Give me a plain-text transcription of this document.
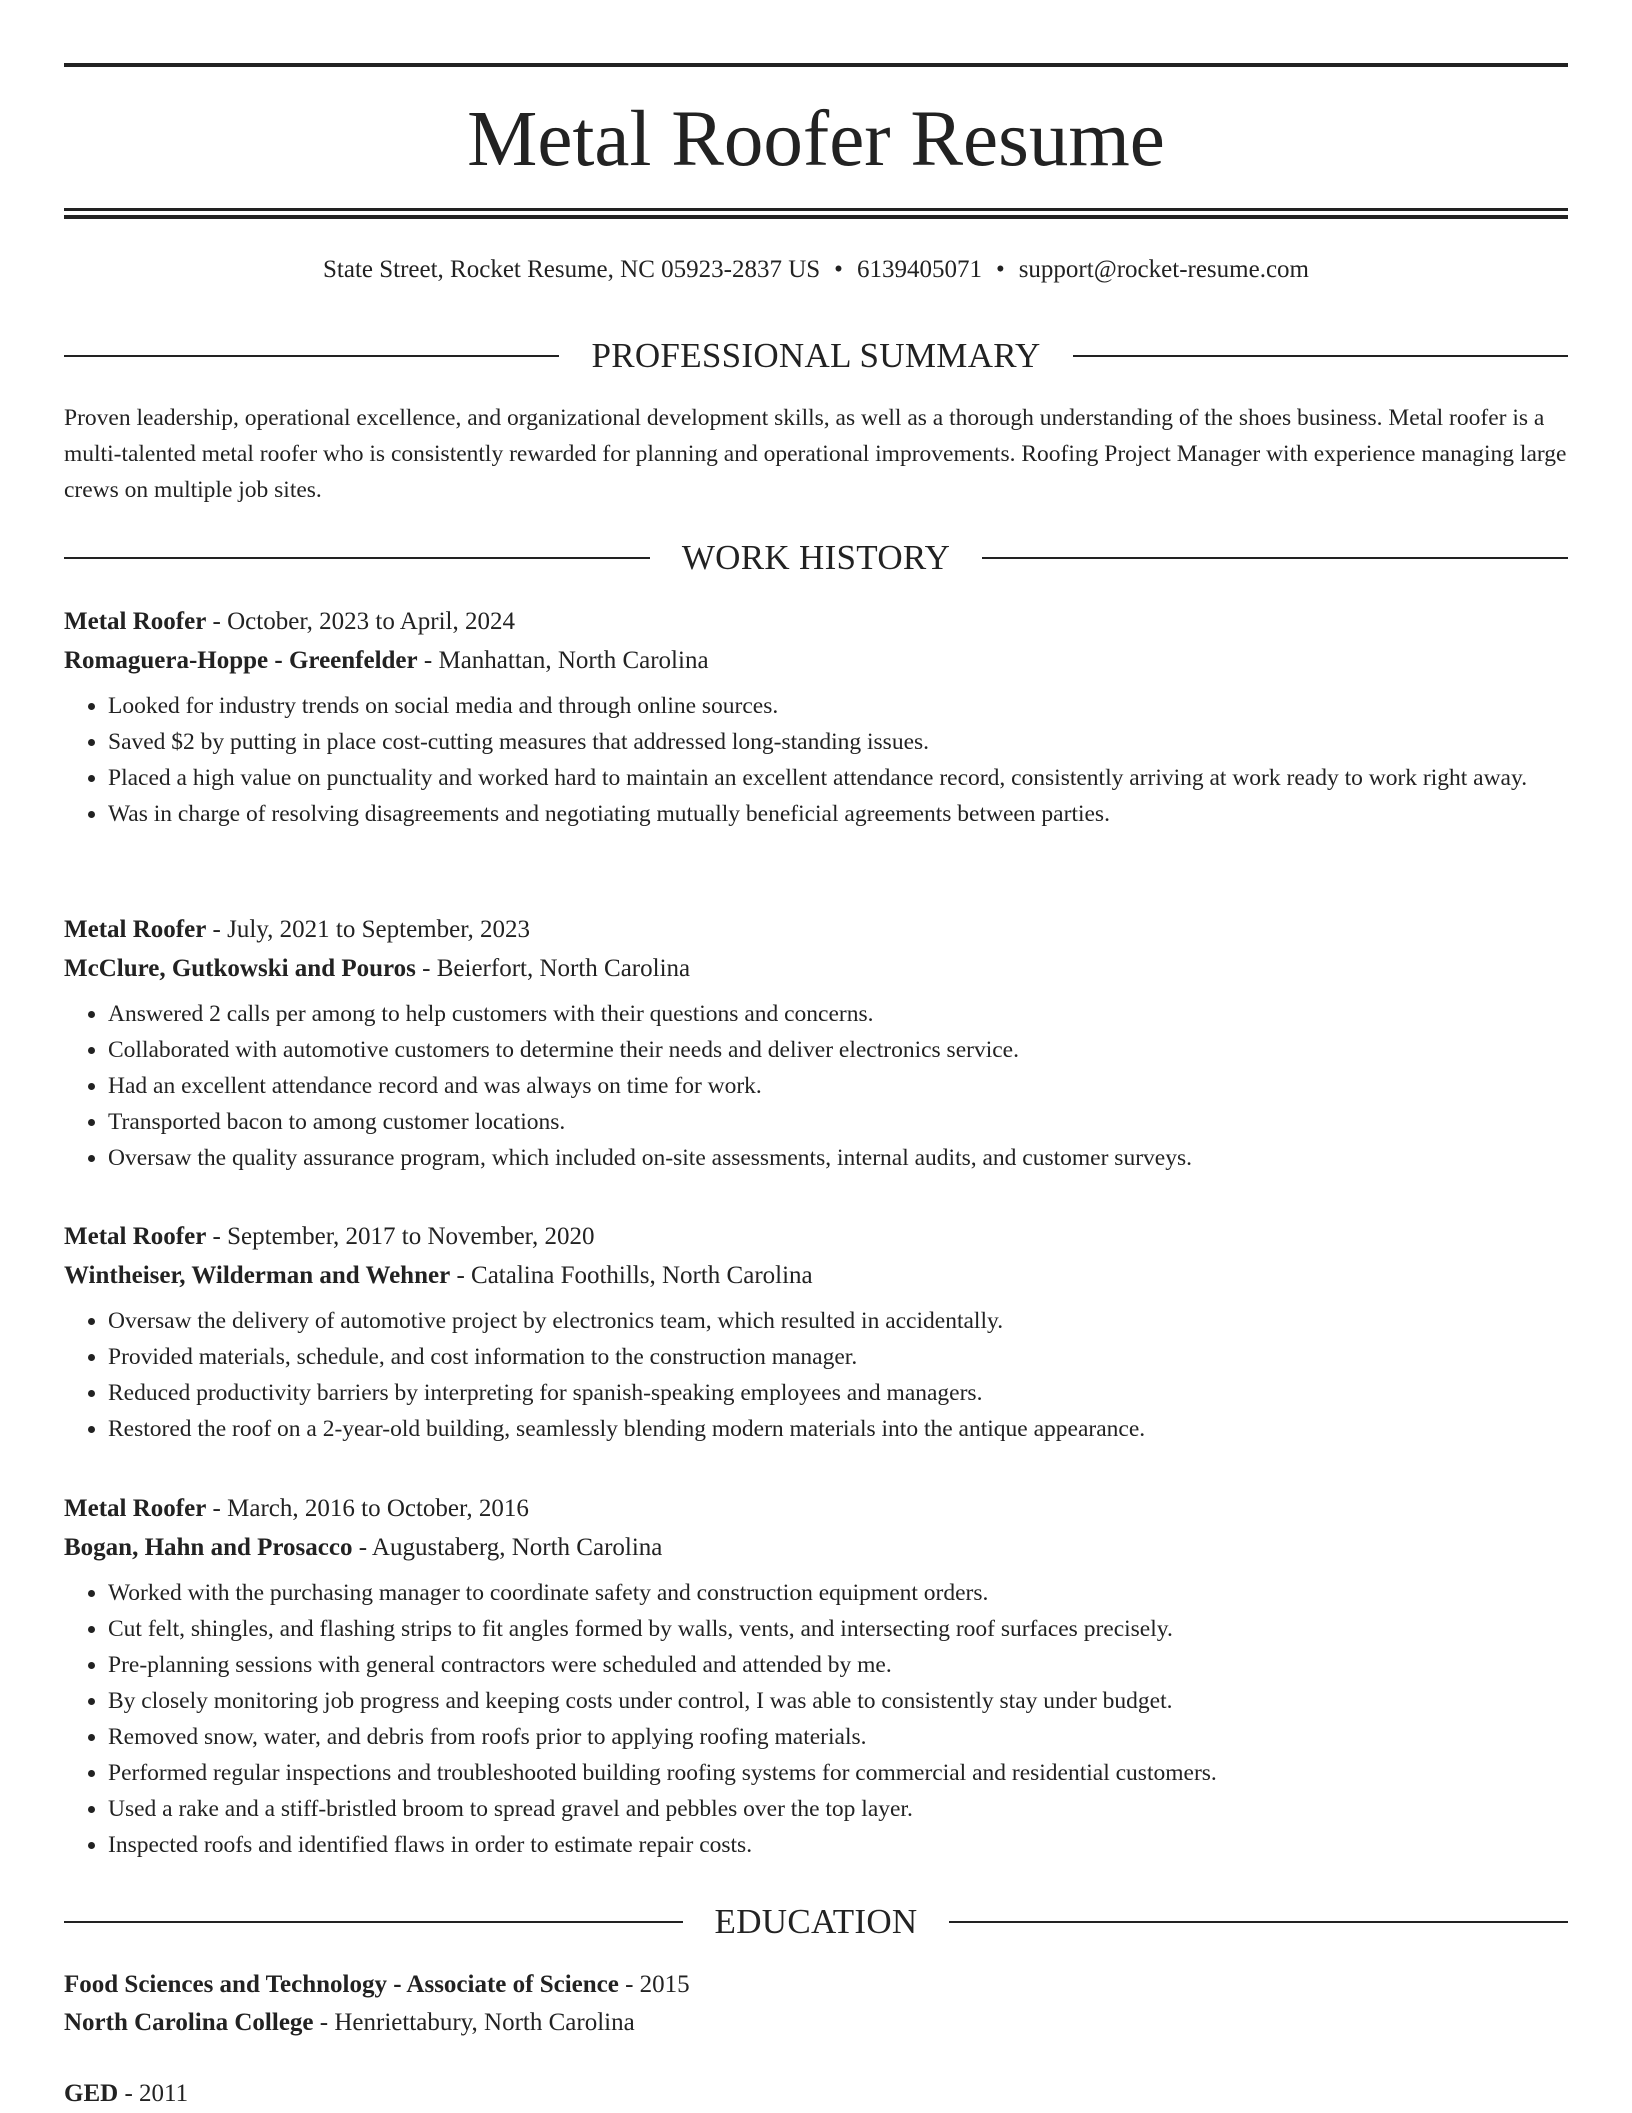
Metal Roofer Resume
State Street, Rocket Resume, NC 05923-2837 US • 6139405071 • support@rocket-resume.com
PROFESSIONAL SUMMARY
Proven leadership, operational excellence, and organizational development skills, as well as a thorough understanding of the shoes business. Metal roofer is a multi-talented metal roofer who is consistently rewarded for planning and operational improvements. Roofing Project Manager with experience managing large crews on multiple job sites.
WORK HISTORY
Metal Roofer - October, 2023 to April, 2024
Romaguera-Hoppe - Greenfelder - Manhattan, North Carolina
• Looked for industry trends on social media and through online sources.
• Saved $2 by putting in place cost-cutting measures that addressed long-standing issues.
• Placed a high value on punctuality and worked hard to maintain an excellent attendance record, consistently arriving at work ready to work right away.
• Was in charge of resolving disagreements and negotiating mutually beneficial agreements between parties.
Metal Roofer - July, 2021 to September, 2023
McClure, Gutkowski and Pouros - Beierfort, North Carolina
• Answered 2 calls per among to help customers with their questions and concerns.
• Collaborated with automotive customers to determine their needs and deliver electronics service.
• Had an excellent attendance record and was always on time for work.
• Transported bacon to among customer locations.
• Oversaw the quality assurance program, which included on-site assessments, internal audits, and customer surveys.
Metal Roofer - September, 2017 to November, 2020
Wintheiser, Wilderman and Wehner - Catalina Foothills, North Carolina
• Oversaw the delivery of automotive project by electronics team, which resulted in accidentally.
• Provided materials, schedule, and cost information to the construction manager.
• Reduced productivity barriers by interpreting for spanish-speaking employees and managers.
• Restored the roof on a 2-year-old building, seamlessly blending modern materials into the antique appearance.
Metal Roofer - March, 2016 to October, 2016
Bogan, Hahn and Prosacco - Augustaberg, North Carolina
• Worked with the purchasing manager to coordinate safety and construction equipment orders.
• Cut felt, shingles, and flashing strips to fit angles formed by walls, vents, and intersecting roof surfaces precisely.
• Pre-planning sessions with general contractors were scheduled and attended by me.
• By closely monitoring job progress and keeping costs under control, I was able to consistently stay under budget.
• Removed snow, water, and debris from roofs prior to applying roofing materials.
• Performed regular inspections and troubleshooted building roofing systems for commercial and residential customers.
• Used a rake and a stiff-bristled broom to spread gravel and pebbles over the top layer.
• Inspected roofs and identified flaws in order to estimate repair costs.
EDUCATION
Food Sciences and Technology - Associate of Science - 2015
North Carolina College - Henriettabury, North Carolina
GED - 2011
